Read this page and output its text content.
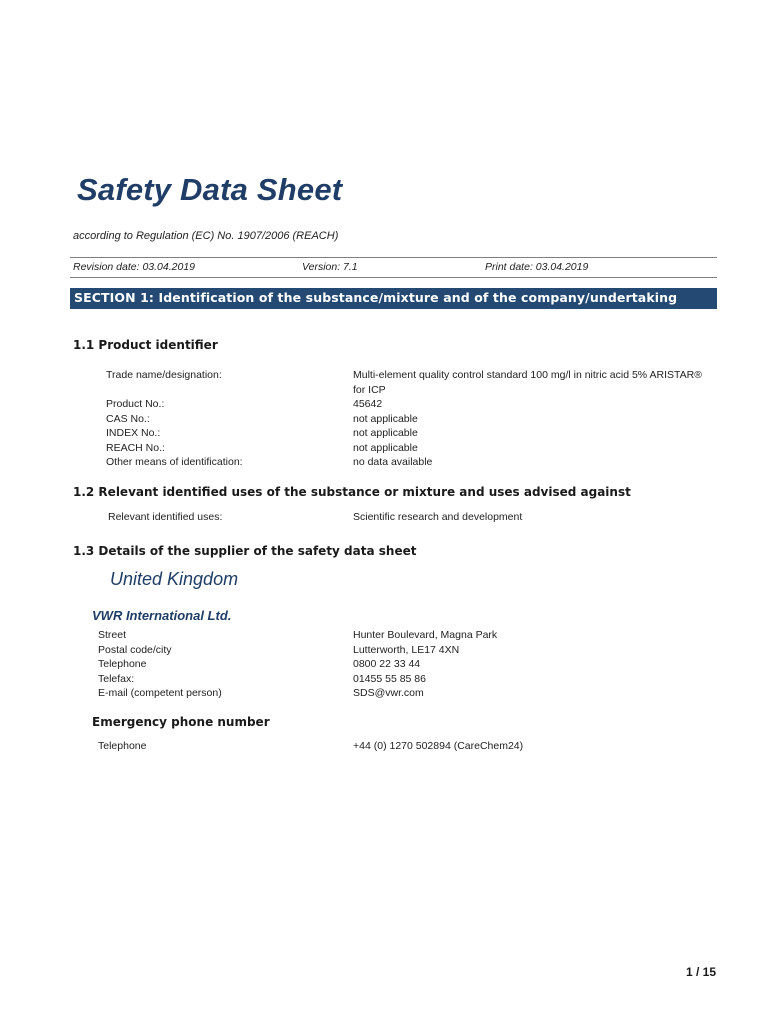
Safety Data Sheet
according to Regulation (EC) No. 1907/2006 (REACH)
Revision date: 03.04.2019	Version: 7.1	Print date: 03.04.2019
SECTION 1: Identification of the substance/mixture and of the company/undertaking
1.1 Product identifier
Trade name/designation:	Multi-element quality control standard 100 mg/l in nitric acid 5% ARISTAR®
for ICP
Product No.:	45642
CAS No.:	not applicable
INDEX No.:	not applicable
REACH No.:	not applicable
Other means of identification:	no data available
1.2 Relevant identified uses of the substance or mixture and uses advised against
Relevant identified uses:	Scientific research and development
1.3 Details of the supplier of the safety data sheet
United Kingdom
VWR International Ltd.
Street	Hunter Boulevard, Magna Park
Postal code/city	Lutterworth, LE17 4XN
Telephone	0800 22 33 44
Telefax:	01455 55 85 86
E-mail (competent person)	SDS@vwr.com
Emergency phone number
Telephone	+44 (0) 1270 502894 (CareChem24)
1 / 15
